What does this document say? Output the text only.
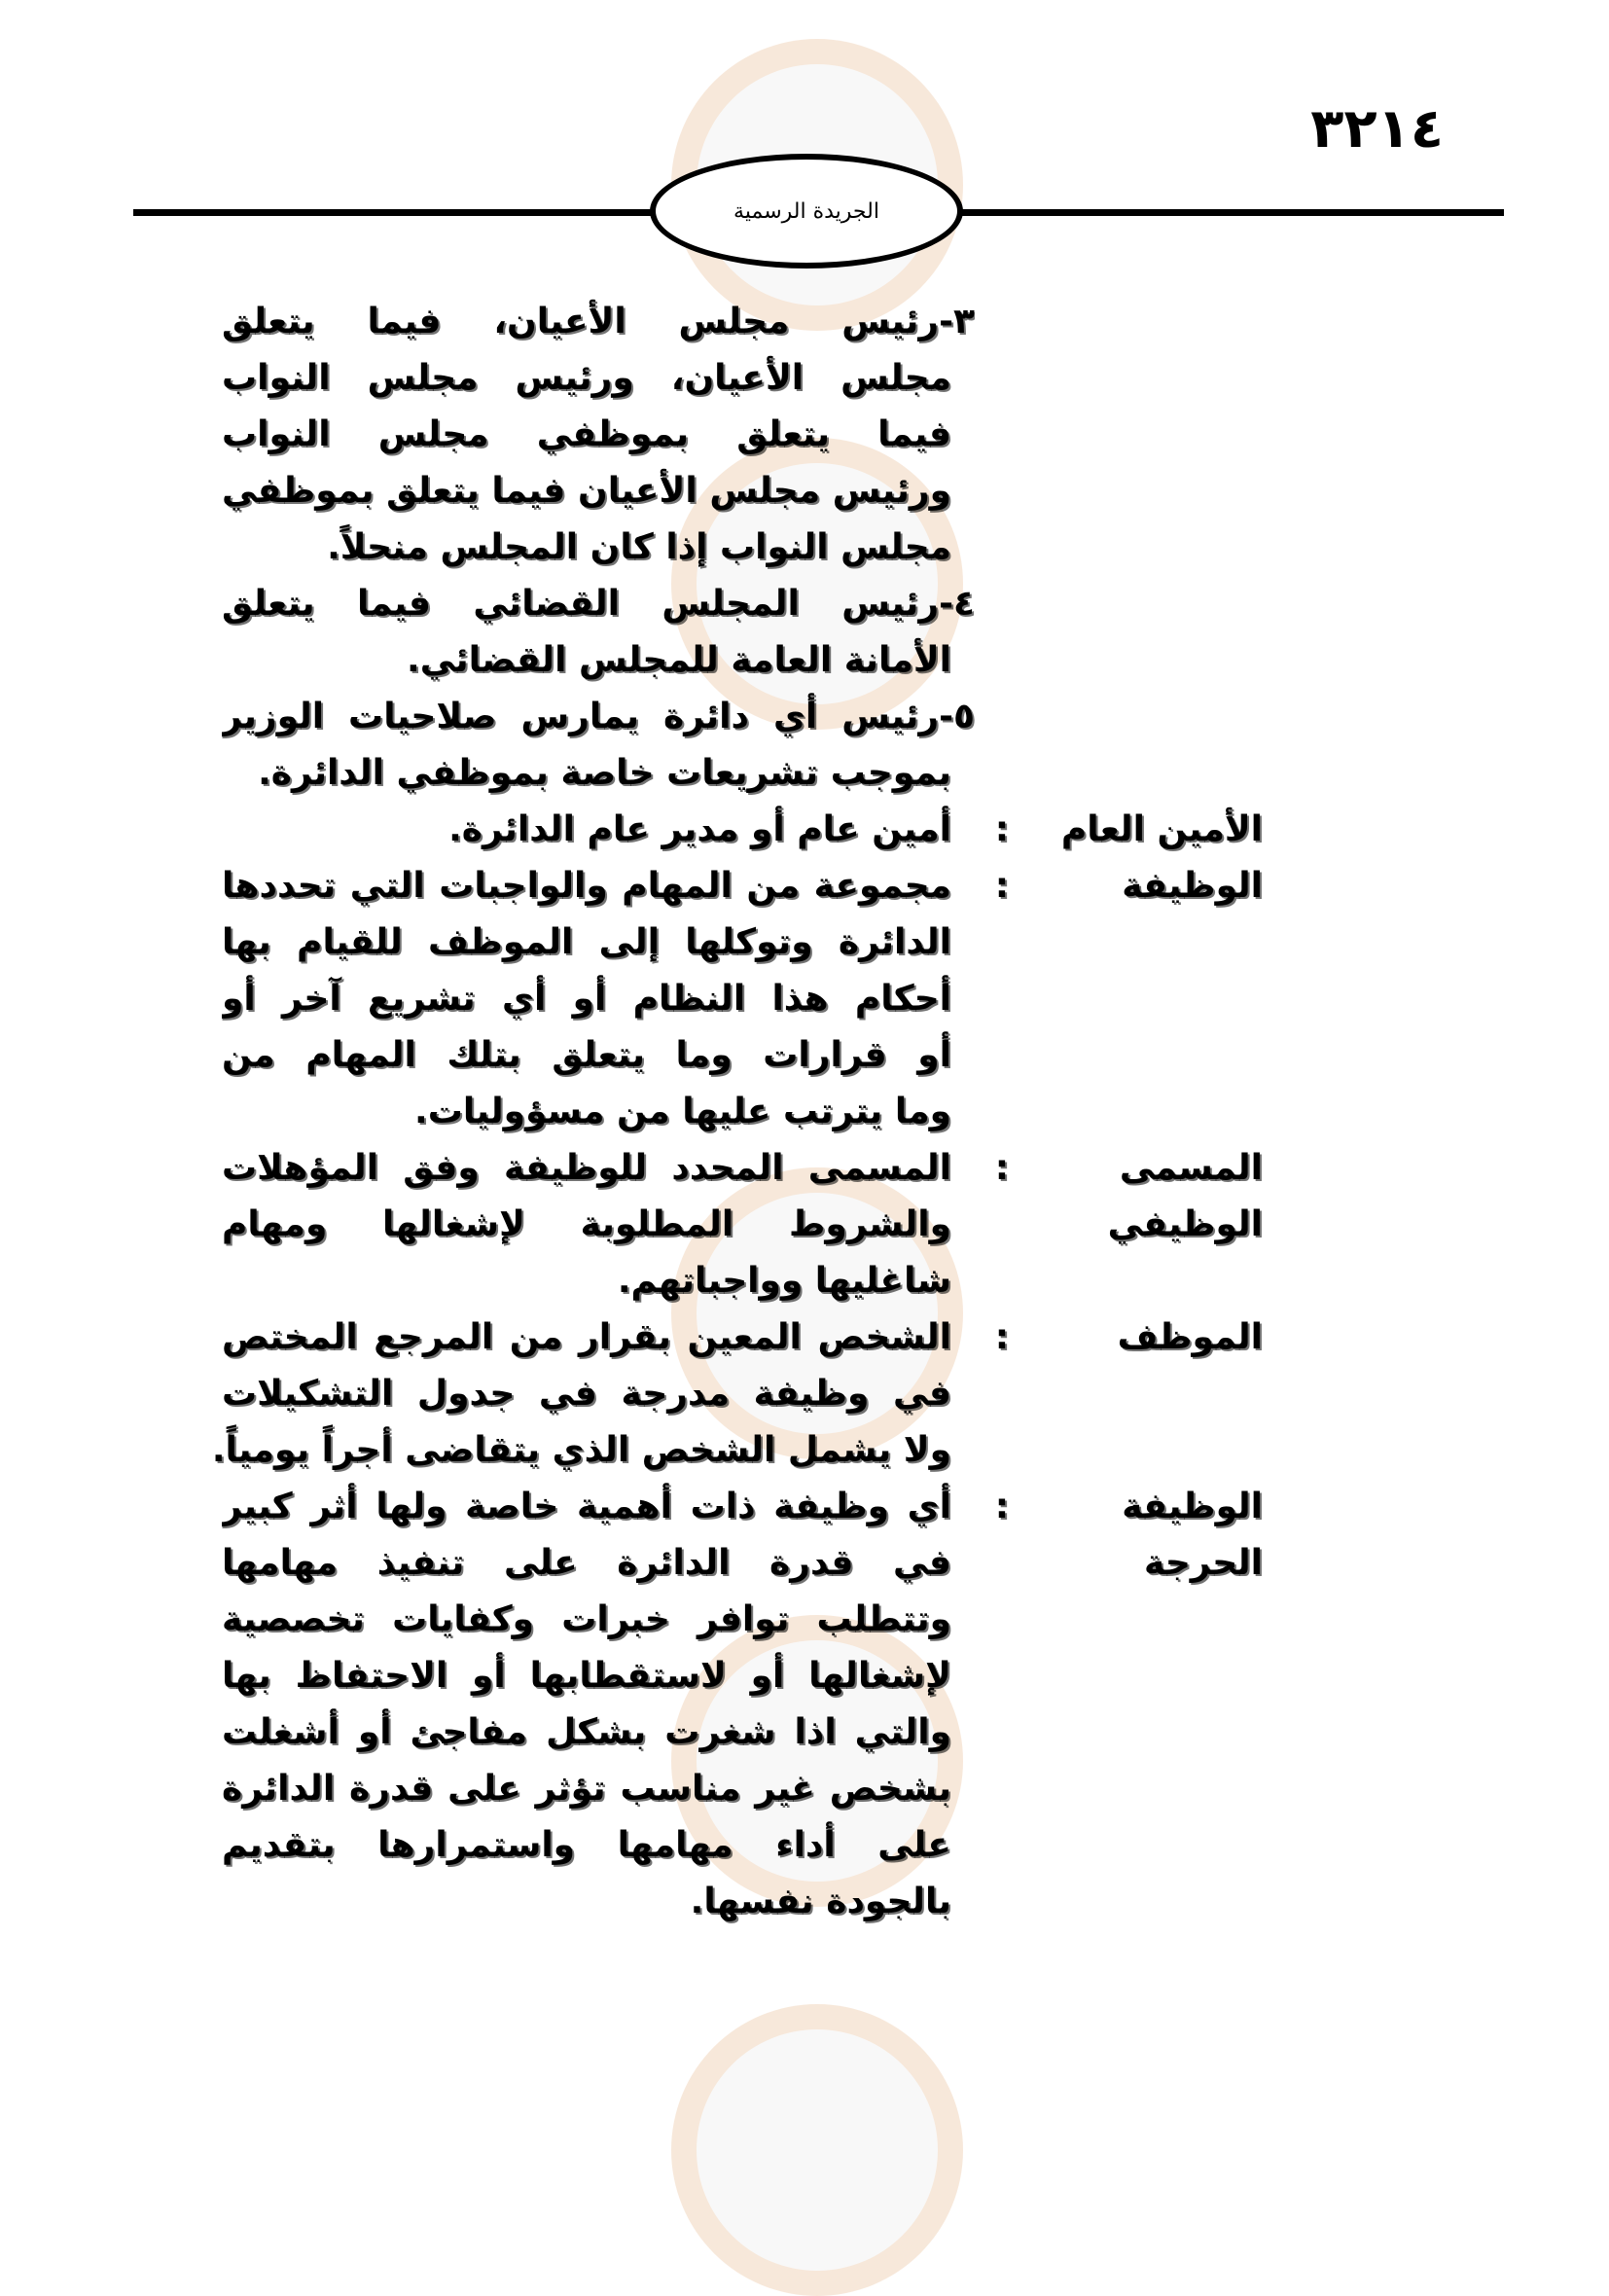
٣٢١٤
الجريدة الرسمية
٣-رئيس مجلس الأعيان، فيما يتعلق
مجلس الأعيان، ورئيس مجلس النواب
فيما يتعلق بموظفي مجلس النواب
ورئيس مجلس الأعيان فيما يتعلق بموظفي
مجلس النواب إذا كان المجلس منحلاً.
٤-رئيس المجلس القضائي فيما يتعلق
الأمانة العامة للمجلس القضائي.
٥-رئيس أي دائرة يمارس صلاحيات الوزير
بموجب تشريعات خاصة بموظفي الدائرة.
الأمين العام
:
أمين عام أو مدير عام الدائرة.
الوظيفة
:
مجموعة من المهام والواجبات التي تحددها
الدائرة وتوكلها إلى الموظف للقيام بها
أحكام هذا النظام أو أي تشريع آخر أو
أو قرارات وما يتعلق بتلك المهام من
وما يترتب عليها من مسؤوليات.
المسمى
الوظيفي
:
المسمى المحدد للوظيفة وفق المؤهلات
والشروط المطلوبة لإشغالها ومهام
شاغليها وواجباتهم.
الموظف
:
الشخص المعين بقرار من المرجع المختص
في وظيفة مدرجة في جدول التشكيلات
ولا يشمل الشخص الذي يتقاضى أجراً يومياً.
الوظيفة
الحرجة
:
أي وظيفة ذات أهمية خاصة ولها أثر كبير
في قدرة الدائرة على تنفيذ مهامها
وتتطلب توافر خبرات وكفايات تخصصية
لإشغالها أو لاستقطابها أو الاحتفاظ بها
والتي اذا شغرت بشكل مفاجئ أو أشغلت
بشخص غير مناسب تؤثر على قدرة الدائرة
على أداء مهامها واستمرارها بتقديم
بالجودة نفسها.
